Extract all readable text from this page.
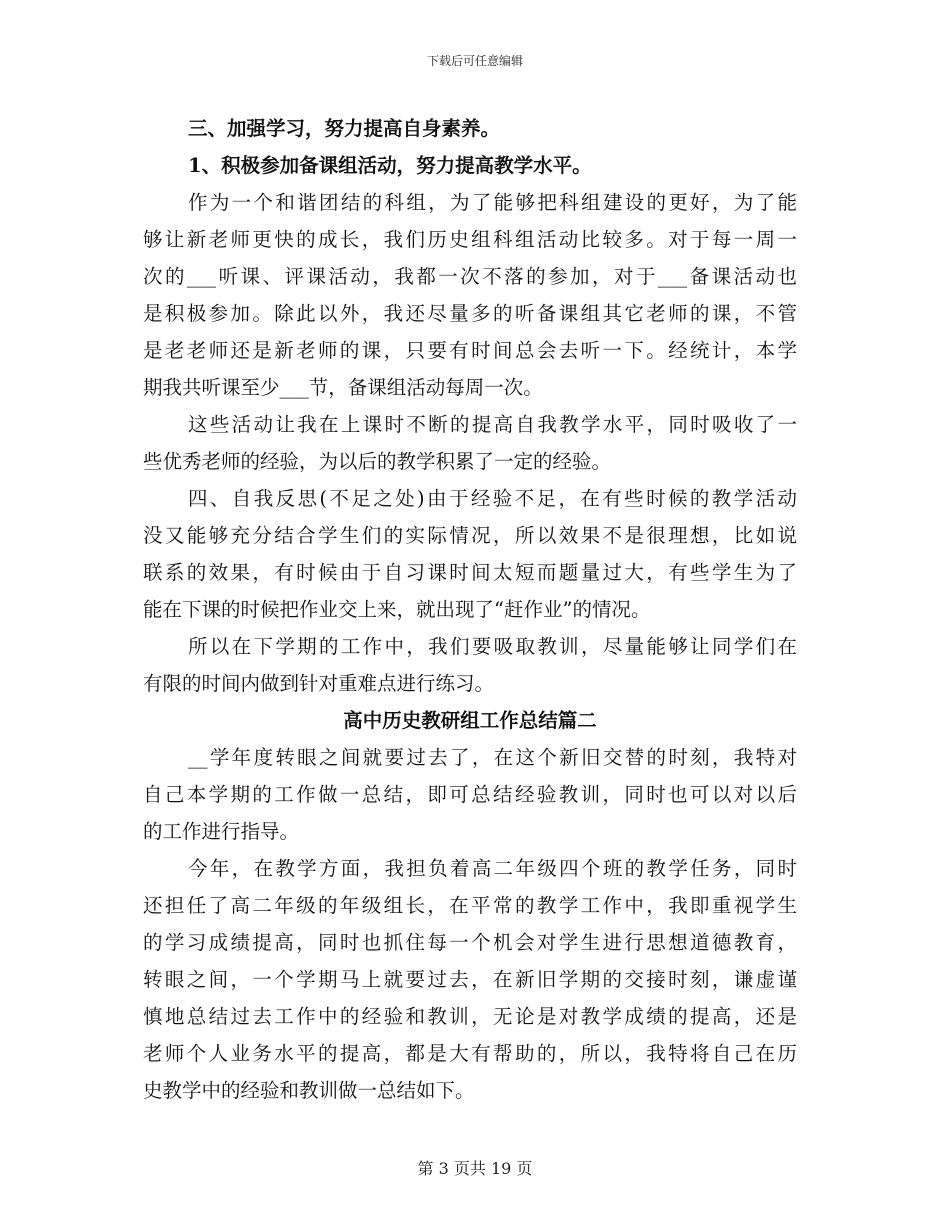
下载后可任意编辑
三、加强学习，努力提高自身素养。
1、积极参加备课组活动，努力提高教学水平。
作为一个和谐团结的科组，为了能够把科组建设的更好，为了能
够让新老师更快的成长，我们历史组科组活动比较多。对于每一周一
次的___听课、评课活动，我都一次不落的参加，对于___备课活动也
是积极参加。除此以外，我还尽量多的听备课组其它老师的课，不管
是老老师还是新老师的课，只要有时间总会去听一下。经统计，本学
期我共听课至少___节，备课组活动每周一次。
这些活动让我在上课时不断的提高自我教学水平，同时吸收了一
些优秀老师的经验，为以后的教学积累了一定的经验。
四、自我反思(不足之处)由于经验不足，在有些时候的教学活动
没又能够充分结合学生们的实际情况，所以效果不是很理想，比如说
联系的效果，有时候由于自习课时间太短而题量过大，有些学生为了
能在下课的时候把作业交上来，就出现了“赶作业”的情况。
所以在下学期的工作中，我们要吸取教训，尽量能够让同学们在
有限的时间内做到针对重难点进行练习。
高中历史教研组工作总结篇二
__学年度转眼之间就要过去了，在这个新旧交替的时刻，我特对
自己本学期的工作做一总结，即可总结经验教训，同时也可以对以后
的工作进行指导。
今年，在教学方面，我担负着高二年级四个班的教学任务，同时
还担任了高二年级的年级组长，在平常的教学工作中，我即重视学生
的学习成绩提高，同时也抓住每一个机会对学生进行思想道德教育，
转眼之间，一个学期马上就要过去，在新旧学期的交接时刻，谦虚谨
慎地总结过去工作中的经验和教训，无论是对教学成绩的提高，还是
老师个人业务水平的提高，都是大有帮助的，所以，我特将自己在历
史教学中的经验和教训做一总结如下。
第 3 页共 19 页
